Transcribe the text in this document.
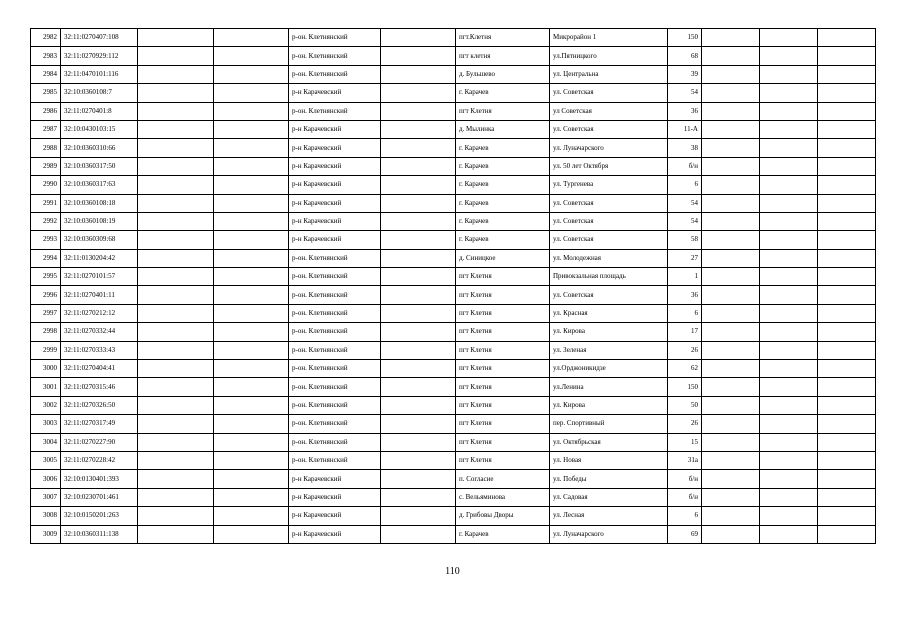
2982	32:11:0270407:108			р-он. Клетнянский		пгт.Клетня	Микрорайон 1	150			
2983	32:11:0270929:112			р-он. Клетнянский		пгт клетня	ул.Пятницкого	68			
2984	32:11:0470101:116			р-он. Клетнянский		д. Бульшево	ул. Центральна	39			
2985	32:10:0360108:7			р-н Карачевский		г. Карачев	ул. Советская	54			
2986	32:11:0270401:8			р-он. Клетнянский		пгт Клетня	ул Советская	36			
2987	32:10:0430103:15			р-н Карачевский		д. Мылинка	ул. Советская	11-А			
2988	32:10:0360310:66			р-н Карачевский		г. Карачев	ул. Луначарского	38			
2989	32:10:0360317:50			р-н Карачевский		г. Карачев	ул. 50 лет Октября	б/н			
2990	32:10:0360317:63			р-н Карачевский		г. Карачев	ул. Тургенева	6			
2991	32:10:0360108:18			р-н Карачевский		г. Карачев	ул. Советская	54			
2992	32:10:0360108:19			р-н Карачевский		г. Карачев	ул. Советская	54			
2993	32:10:0360309:68			р-н Карачевский		г. Карачев	ул. Советская	58			
2994	32:11:0130204:42			р-он. Клетнянский		д. Синицкое	ул. Молодежная	27			
2995	32:11:0270101:57			р-он. Клетнянский		пгт Клетня	Привокзальная площадь	1			
2996	32:11:0270401:11			р-он. Клетнянский		пгт Клетня	ул. Советская	36			
2997	32:11:0270212:12			р-он. Клетнянский		пгт Клетня	ул. Красная	6			
2998	32:11:0270332:44			р-он. Клетнянский		пгт Клетня	ул. Кирова	17			
2999	32:11:0270333:43			р-он. Клетнянский		пгт Клетня	ул. Зеленая	26			
3000	32:11:0270404:41			р-он. Клетнянский		пгт Клетня	ул.Орджоникидзе	62			
3001	32:11:0270315:46			р-он. Клетнянский		пгт Клетня	ул.Ленина	150			
3002	32:11:0270326:50			р-он. Клетнянский		пгт Клетня	ул. Кирова	50			
3003	32:11:0270317:49			р-он. Клетнянский		пгт Клетня	пер. Спортивный	26			
3004	32:11:0270227:90			р-он. Клетнянский		пгт Клетня	ул. Октябрьская	15			
3005	32:11:0270228:42			р-он. Клетнянский		пгт Клетня	ул. Новая	31а			
3006	32:10:0130401:393			р-н Карачевский		п. Согласие	ул. Победы	б/н			
3007	32:10:0230701:461			р-н Карачевский		с. Вельяминова	ул. Садовая	б/н			
3008	32:10:0150201:263			р-н Карачевский		д. Грибовы Дворы	ул. Лесная	6			
3009	32:10:0360311:138			р-н Карачевский		г. Карачев	ул. Луначарского	69			
110
